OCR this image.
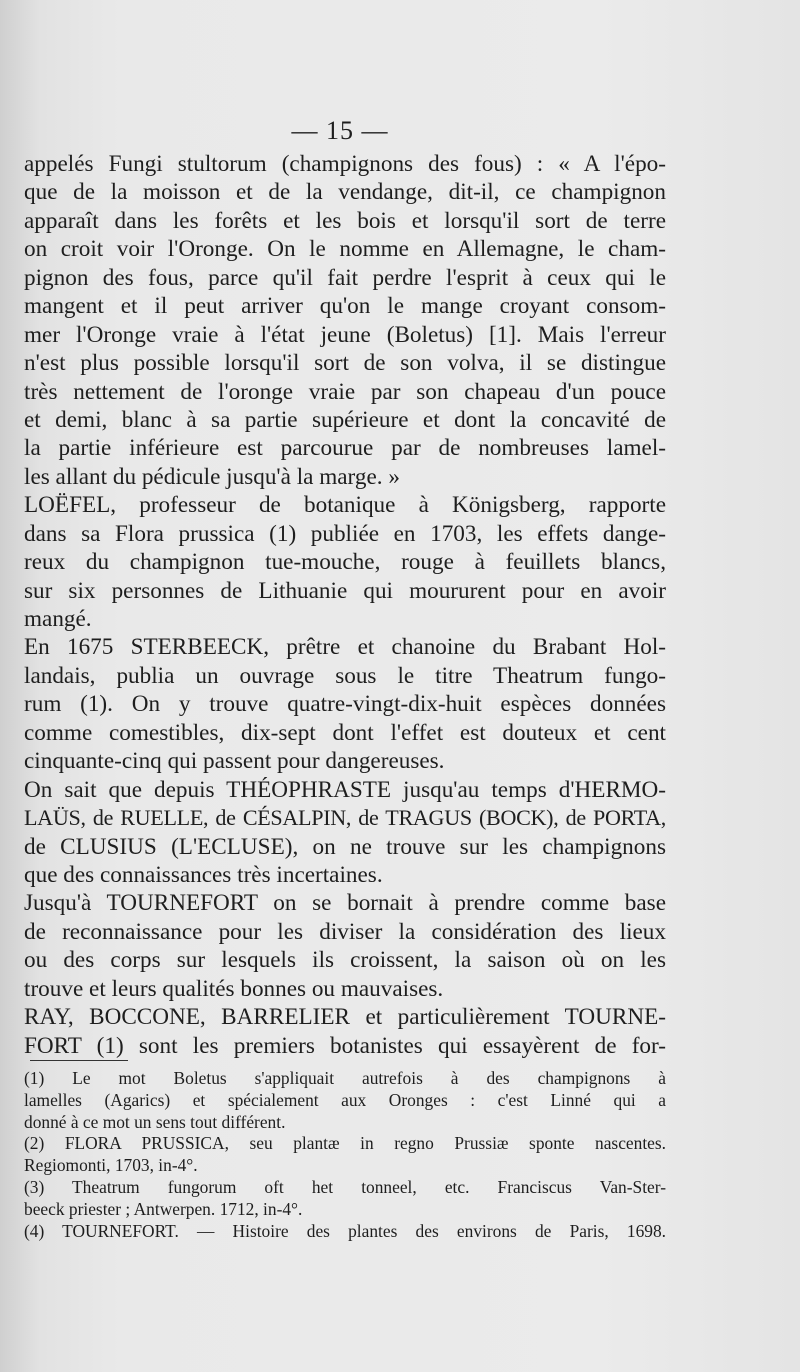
— 15 —
appelés Fungi stultorum (champignons des fous) : « A l'épo-
que de la moisson et de la vendange, dit-il, ce champignon
apparaît dans les forêts et les bois et lorsqu'il sort de terre
on croit voir l'Oronge. On le nomme en Allemagne, le cham-
pignon des fous, parce qu'il fait perdre l'esprit à ceux qui le
mangent et il peut arriver qu'on le mange croyant consom-
mer l'Oronge vraie à l'état jeune (Boletus) [1]. Mais l'erreur
n'est plus possible lorsqu'il sort de son volva, il se distingue
très nettement de l'oronge vraie par son chapeau d'un pouce
et demi, blanc à sa partie supérieure et dont la concavité de
la partie inférieure est parcourue par de nombreuses lamel-
les allant du pédicule jusqu'à la marge. »
LOËFEL, professeur de botanique à Königsberg, rapporte
dans sa Flora prussica (1) publiée en 1703, les effets dange-
reux du champignon tue-mouche, rouge à feuillets blancs,
sur six personnes de Lithuanie qui moururent pour en avoir
mangé.
En 1675 STERBEECK, prêtre et chanoine du Brabant Hol-
landais, publia un ouvrage sous le titre Theatrum fungo-
rum (1). On y trouve quatre-vingt-dix-huit espèces données
comme comestibles, dix-sept dont l'effet est douteux et cent
cinquante-cinq qui passent pour dangereuses.
On sait que depuis THÉOPHRASTE jusqu'au temps d'HERMO-
LAÜS, de RUELLE, de CÉSALPIN, de TRAGUS (BOCK), de PORTA,
de CLUSIUS (L'ECLUSE), on ne trouve sur les champignons
que des connaissances très incertaines.
Jusqu'à TOURNEFORT on se bornait à prendre comme base
de reconnaissance pour les diviser la considération des lieux
ou des corps sur lesquels ils croissent, la saison où on les
trouve et leurs qualités bonnes ou mauvaises.
RAY, BOCCONE, BARRELIER et particulièrement TOURNE-
FORT (1) sont les premiers botanistes qui essayèrent de for-
(1) Le mot Boletus s'appliquait autrefois à des champignons à
lamelles (Agarics) et spécialement aux Oronges : c'est Linné qui a
donné à ce mot un sens tout différent.
(2) FLORA PRUSSICA, seu plantæ in regno Prussiæ sponte nascentes.
Regiomonti, 1703, in-4°.
(3) Theatrum fungorum oft het tonneel, etc. Franciscus Van-Ster-
beeck priester ; Antwerpen. 1712, in-4°.
(4) TOURNEFORT. — Histoire des plantes des environs de Paris, 1698.
